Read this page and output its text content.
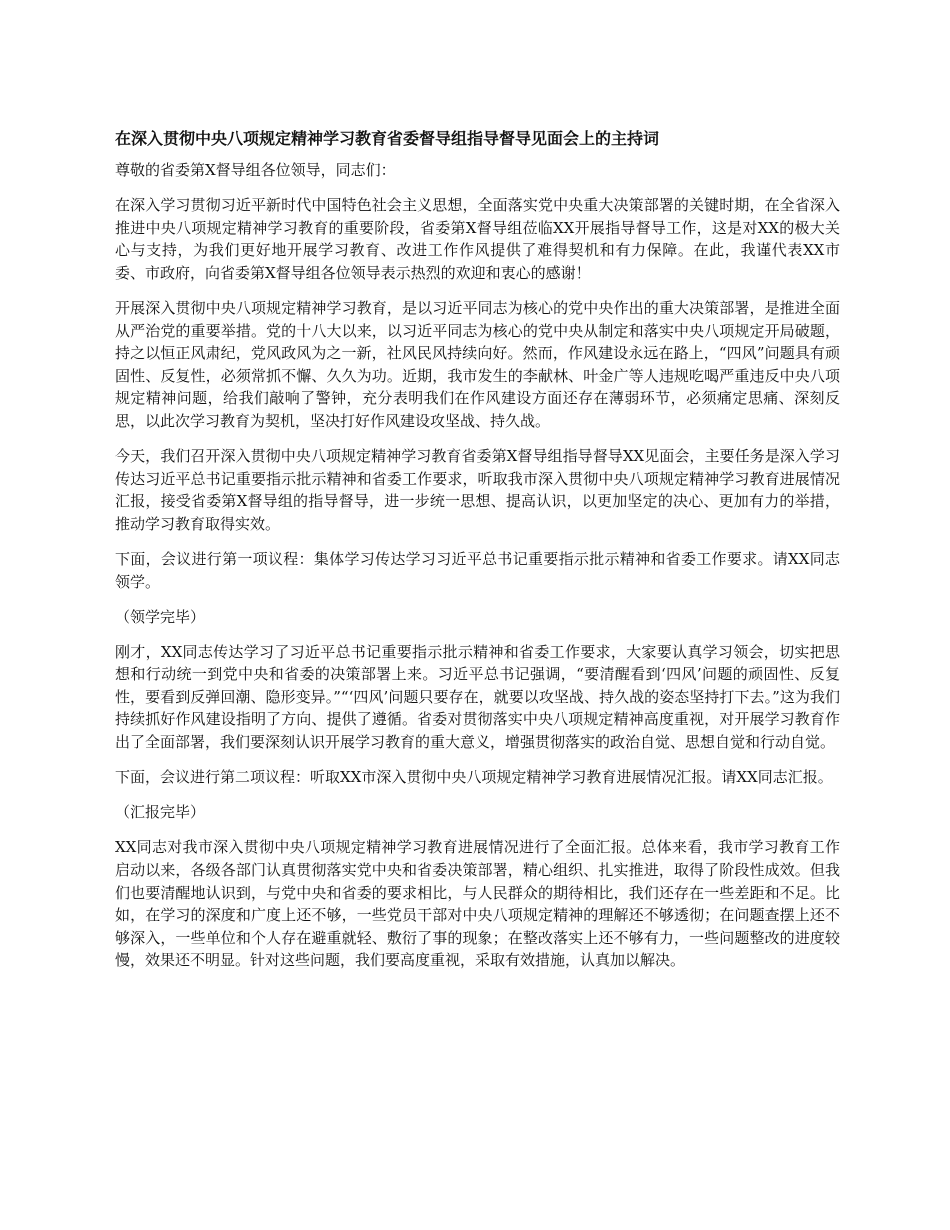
在深入贯彻中央八项规定精神学习教育省委督导组指导督导见面会上的主持词

尊敬的省委第X督导组各位领导，同志们：

在深入学习贯彻习近平新时代中国特色社会主义思想，全面落实党中央重大决策部署的关键时期，在全省深入推进中央八项规定精神学习教育的重要阶段，省委第X督导组莅临XX开展指导督导工作，这是对XX的极大关心与支持，为我们更好地开展学习教育、改进工作作风提供了难得契机和有力保障。在此，我谨代表XX市委、市政府，向省委第X督导组各位领导表示热烈的欢迎和衷心的感谢！

开展深入贯彻中央八项规定精神学习教育，是以习近平同志为核心的党中央作出的重大决策部署，是推进全面从严治党的重要举措。党的十八大以来，以习近平同志为核心的党中央从制定和落实中央八项规定开局破题，持之以恒正风肃纪，党风政风为之一新，社风民风持续向好。然而，作风建设永远在路上，“四风”问题具有顽固性、反复性，必须常抓不懈、久久为功。近期，我市发生的李献林、叶金广等人违规吃喝严重违反中央八项规定精神问题，给我们敲响了警钟，充分表明我们在作风建设方面还存在薄弱环节，必须痛定思痛、深刻反思，以此次学习教育为契机，坚决打好作风建设攻坚战、持久战。

今天，我们召开深入贯彻中央八项规定精神学习教育省委第X督导组指导督导XX见面会，主要任务是深入学习传达习近平总书记重要指示批示精神和省委工作要求，听取我市深入贯彻中央八项规定精神学习教育进展情况汇报，接受省委第X督导组的指导督导，进一步统一思想、提高认识，以更加坚定的决心、更加有力的举措，推动学习教育取得实效。

下面，会议进行第一项议程：集体学习传达学习习近平总书记重要指示批示精神和省委工作要求。请XX同志领学。

（领学完毕）

刚才，XX同志传达学习了习近平总书记重要指示批示精神和省委工作要求，大家要认真学习领会，切实把思想和行动统一到党中央和省委的决策部署上来。习近平总书记强调，“要清醒看到‘四风’问题的顽固性、反复性，要看到反弹回潮、隐形变异。”“‘四风’问题只要存在，就要以攻坚战、持久战的姿态坚持打下去。”这为我们持续抓好作风建设指明了方向、提供了遵循。省委对贯彻落实中央八项规定精神高度重视，对开展学习教育作出了全面部署，我们要深刻认识开展学习教育的重大意义，增强贯彻落实的政治自觉、思想自觉和行动自觉。

下面，会议进行第二项议程：听取XX市深入贯彻中央八项规定精神学习教育进展情况汇报。请XX同志汇报。

（汇报完毕）

XX同志对我市深入贯彻中央八项规定精神学习教育进展情况进行了全面汇报。总体来看，我市学习教育工作启动以来，各级各部门认真贯彻落实党中央和省委决策部署，精心组织、扎实推进，取得了阶段性成效。但我们也要清醒地认识到，与党中央和省委的要求相比，与人民群众的期待相比，我们还存在一些差距和不足。比如，在学习的深度和广度上还不够，一些党员干部对中央八项规定精神的理解还不够透彻；在问题查摆上还不够深入，一些单位和个人存在避重就轻、敷衍了事的现象；在整改落实上还不够有力，一些问题整改的进度较慢，效果还不明显。针对这些问题，我们要高度重视，采取有效措施，认真加以解决。
